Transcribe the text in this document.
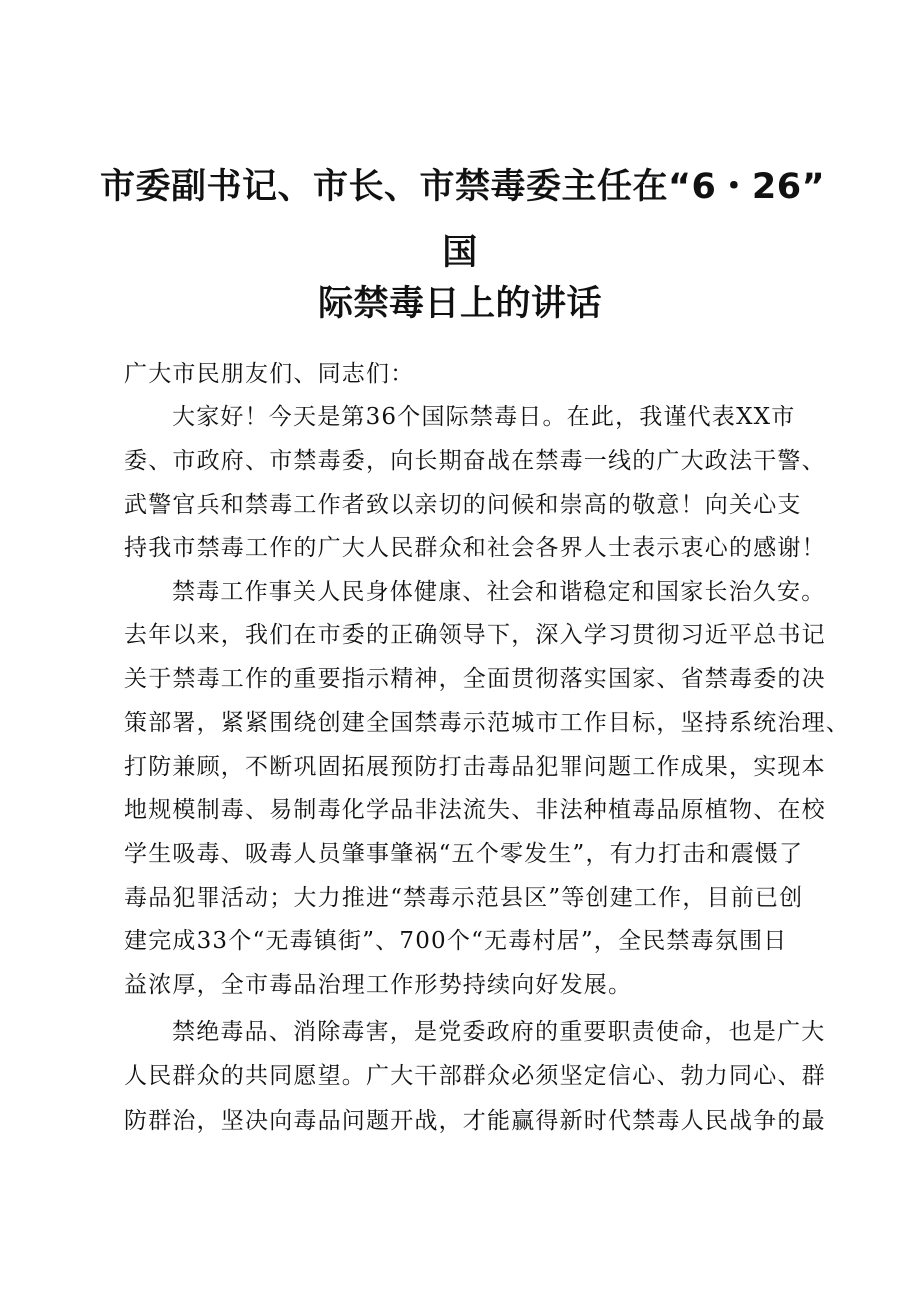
市委副书记、市长、市禁毒委主任在“6・26”
国
际禁毒日上的讲话
广大市民朋友们、同志们：
大家好！今天是第36个国际禁毒日。在此，我谨代表XX市
委、市政府、市禁毒委，向长期奋战在禁毒一线的广大政法干警、
武警官兵和禁毒工作者致以亲切的问候和崇高的敬意！向关心支
持我市禁毒工作的广大人民群众和社会各界人士表示衷心的感谢！
禁毒工作事关人民身体健康、社会和谐稳定和国家长治久安。
去年以来，我们在市委的正确领导下，深入学习贯彻习近平总书记
关于禁毒工作的重要指示精神，全面贯彻落实国家、省禁毒委的决
策部署，紧紧围绕创建全国禁毒示范城市工作目标，坚持系统治理、
打防兼顾，不断巩固拓展预防打击毒品犯罪问题工作成果，实现本
地规模制毒、易制毒化学品非法流失、非法种植毒品原植物、在校
学生吸毒、吸毒人员肇事肇祸“五个零发生”，有力打击和震慑了
毒品犯罪活动；大力推进“禁毒示范县区”等创建工作，目前已创
建完成33个“无毒镇街”、700个“无毒村居”，全民禁毒氛围日
益浓厚，全市毒品治理工作形势持续向好发展。
禁绝毒品、消除毒害，是党委政府的重要职责使命，也是广大
人民群众的共同愿望。广大干部群众必须坚定信心、勃力同心、群
防群治，坚决向毒品问题开战，才能赢得新时代禁毒人民战争的最
